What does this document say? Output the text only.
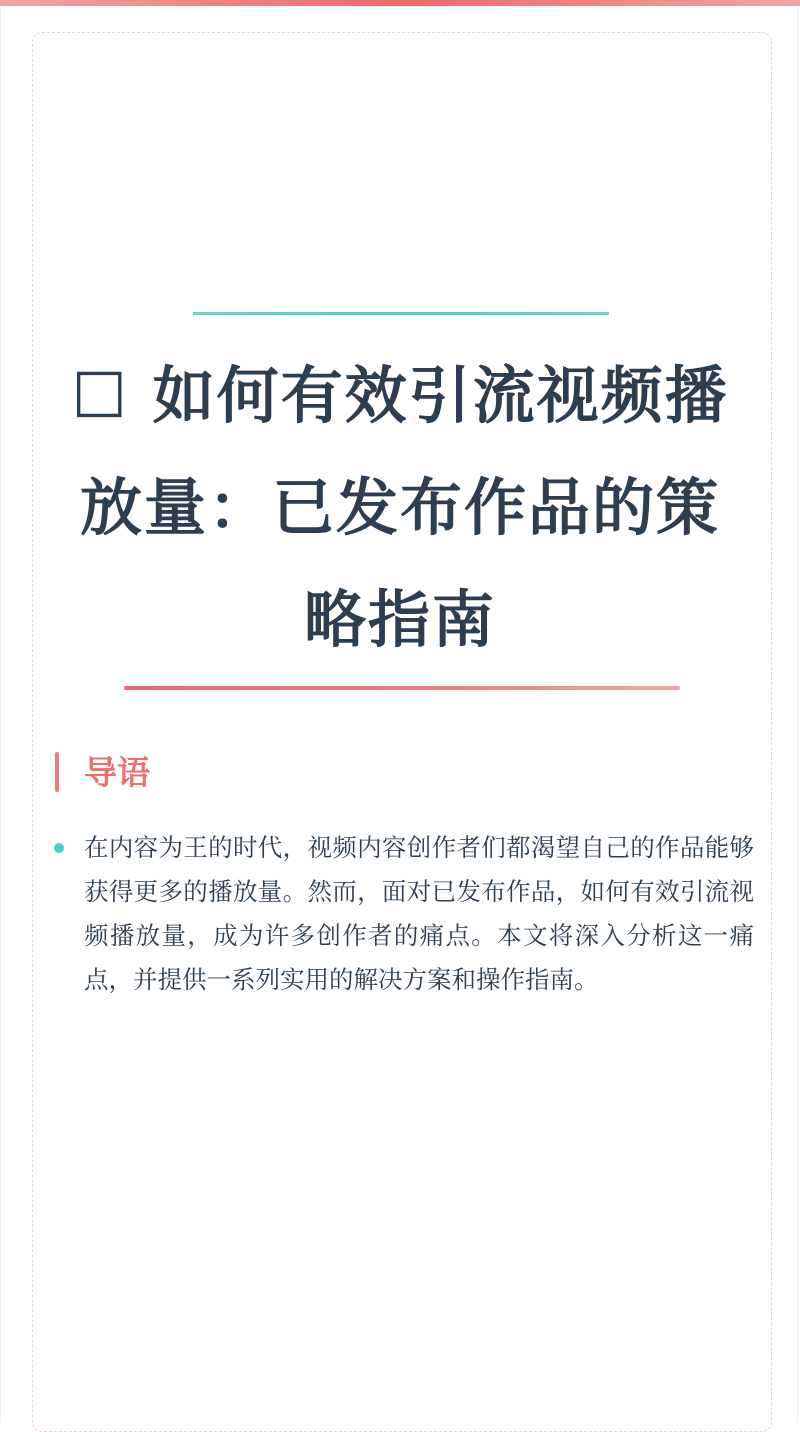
☐ 如何有效引流视频播放量：已发布作品的策略指南
导语

在内容为王的时代，视频内容创作者们都渴望自己的作品能够获得更多的播放量。然而，面对已发布作品，如何有效引流视频播放量，成为许多创作者的痛点。本文将深入分析这一痛点，并提供一系列实用的解决方案和操作指南。
